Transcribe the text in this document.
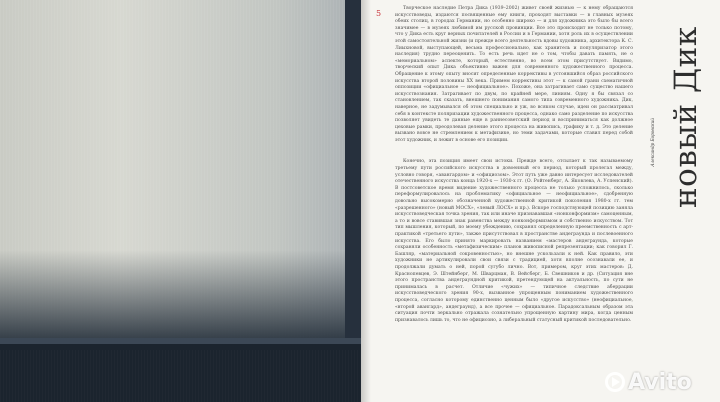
5

Творческое наследие Петра Дика (1939–2002) живет своей жизнью — к нему обращаются искусствоведы, издаются посвященные ему книги, проходят выставки — в главных музеях обеих столиц, в городах Германии, но особенно широко — и для художника это было бы всего значимее — в музеях любимой им русской провинции. Все это происходит не только потому, что у Дика есть круг верных почитателей в России и в Германии, хотя роль их в осуществлении этой самостоятельной жизни (и прежде всего деятельность вдовы художника, архитектора К. С. Лиыхновой, выступающей, весьма профессионально, как хранитель и популяризатор этого наследия) трудно переоценить. То есть речь идет не о том, чтобы давать память, не о «мемориальном» аспекте, который, естественно, во всем этом присутствует. Видимо, творческий опыт Дика объективно важен для современного художественного процесса. Обращение к этому опыту вносит определенные коррективы в устоявшийся образ российского искусства второй половины ХХ века. Примем коррективы этот — к самой грани схематичной оппозиции «официальное — неофициальное». Похоже, она затрагивает само существо нашего искусствознания. Затрагивает по двум, по крайней мере, линиям. Одну я бы связал со становлением, так сказать, внешнего понимания самого типа современного художника. Дик, наверное, не задумывался об этом специально и уж, во всяком случае, идеи он рассматривал себя в контексте поляризации художественного процесса, однако само разделение по искусства позволяет увидеть те данные еще в раннесоветский период и восприниматься как должное цеховые рамки, преодолевая деление этого процесса на живопись, графику и т. д. Это деление вызвано вовсе не стремлением к метафизике, но теми задачами, которые ставил перед собой этот художник, и лежит в основе его позиции.

Конечно, эта позиция имеет свои истоки. Прежде всего, отсылает к так называемому третьему пути российского искусства в довоенный его период, который пролегал между, условно говоря, «авангардом» и «официозом». Этот путь уже давно интересует исследователей отечественного искусства конца 1920-х — 1930-х гг. (О. Ройтенберг, А. Яковлева, А. Успенский). В постсоветское время видение художественного процесса не только усложнилось, сколько переформулировалось на проблематику «официальное — неофициальное», сдобренную довольно высокомерно обозначенной художественной критикой поколения 1980-х гг. тем «разрешенного» (новый МОСХ», «левый ЛОСХ» и пр.). Вскоре господствующей позицию заняла искусствоведческая точка зрения, так или иначе признававшая «нонконформизм» самоценным, а то и вовсе ставившая знак равенства между нонконформизмом и собственно искусством. Тот тип мышления, который, по моему убеждению, сохранял определенную преемственность с арт-практикой «третьего пути», также присутствовал в пространстве андеграунда и послевоенного искусства. Его было принято маркировать названием «мастеров андеграунда, которые сохраняли особенность «метафизическим» планов живописной репрезентации; как говорил Г. Башляр, «материальной сокровенностью», но внешне ускользали к ней. Как правило, эти художники не артикулировали свои связи с традицией, хотя вполне осознавали ее, и продолжали думать о ней, порой сугубо лично. Вот, примером, круг этих мастеров: Д. Краснопевцев, Э. Штейнберг, М. Шварцман, В. Вейсберг, Б. Свешников и др. (Ситуация вне этого пространства андеграундной критикой, претендующей на актуальность, по сути не принималась в расчет. Отличие «чужих» — типичное следствие аберрации искусствоведческого зрения 90-х, вызванное упрощенным пониманием художественного процесса, согласно которому единственно ценным было «другое искусство» (неофициальное, «второй авангард», андеграунд), а все прочее — официальное. Парадоксальным образом эта ситуация почти зеркально отражала сознательно упрощенную картину мира, когда ценным признавалось лишь то, что не официозно, а либеральный статусный критикой последовательно.

новый Дик
Александр Боровский
Avito
